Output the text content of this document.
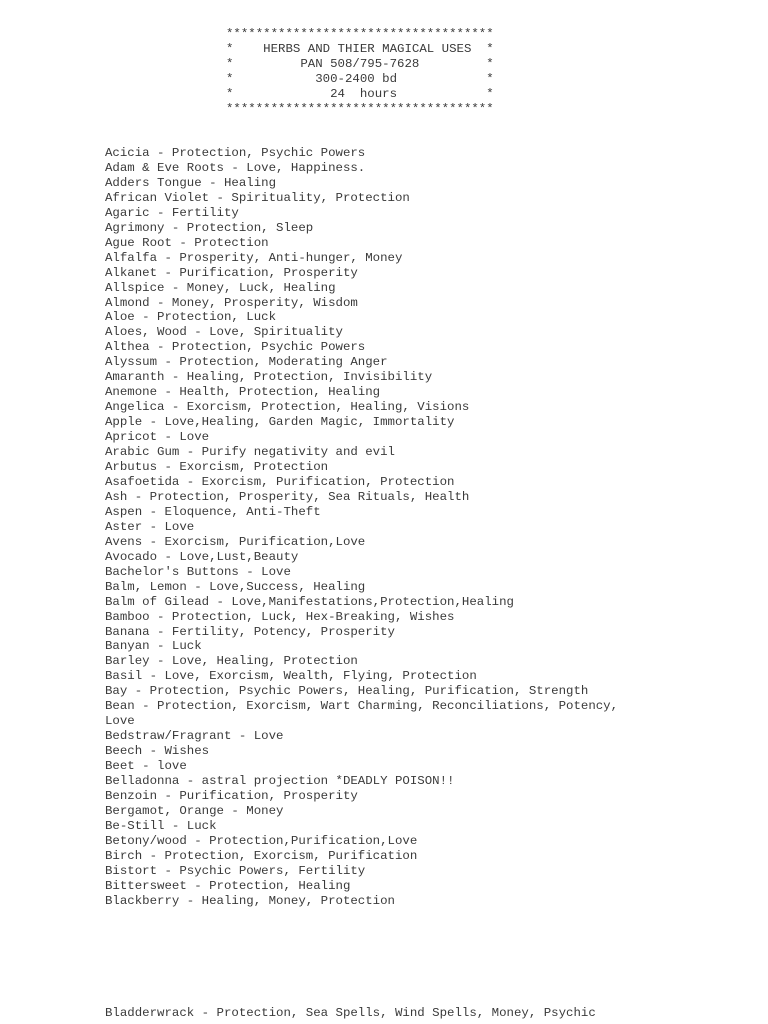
************************************
*    HERBS AND THIER MAGICAL USES  *
*         PAN 508/795-7628         *
*           300-2400 bd            *
*             24  hours            *
************************************
Acicia - Protection, Psychic Powers
Adam & Eve Roots - Love, Happiness.
Adders Tongue - Healing
African Violet - Spirituality, Protection
Agaric - Fertility
Agrimony - Protection, Sleep
Ague Root - Protection
Alfalfa - Prosperity, Anti-hunger, Money
Alkanet - Purification, Prosperity
Allspice - Money, Luck, Healing
Almond - Money, Prosperity, Wisdom
Aloe - Protection, Luck
Aloes, Wood - Love, Spirituality
Althea - Protection, Psychic Powers
Alyssum - Protection, Moderating Anger
Amaranth - Healing, Protection, Invisibility
Anemone - Health, Protection, Healing
Angelica - Exorcism, Protection, Healing, Visions
Apple - Love,Healing, Garden Magic, Immortality
Apricot - Love
Arabic Gum - Purify negativity and evil
Arbutus - Exorcism, Protection
Asafoetida - Exorcism, Purification, Protection
Ash - Protection, Prosperity, Sea Rituals, Health
Aspen - Eloquence, Anti-Theft
Aster - Love
Avens - Exorcism, Purification,Love
Avocado - Love,Lust,Beauty
Bachelor's Buttons - Love
Balm, Lemon - Love,Success, Healing
Balm of Gilead - Love,Manifestations,Protection,Healing
Bamboo - Protection, Luck, Hex-Breaking, Wishes
Banana - Fertility, Potency, Prosperity
Banyan - Luck
Barley - Love, Healing, Protection
Basil - Love, Exorcism, Wealth, Flying, Protection
Bay - Protection, Psychic Powers, Healing, Purification, Strength
Bean - Protection, Exorcism, Wart Charming, Reconciliations, Potency,
Love
Bedstraw/Fragrant - Love
Beech - Wishes
Beet - love
Belladonna - astral projection *DEADLY POISON!!
Benzoin - Purification, Prosperity
Bergamot, Orange - Money
Be-Still - Luck
Betony/wood - Protection,Purification,Love
Birch - Protection, Exorcism, Purification
Bistort - Psychic Powers, Fertility
Bittersweet - Protection, Healing
Blackberry - Healing, Money, Protection
Bladderwrack - Protection, Sea Spells, Wind Spells, Money, Psychic
